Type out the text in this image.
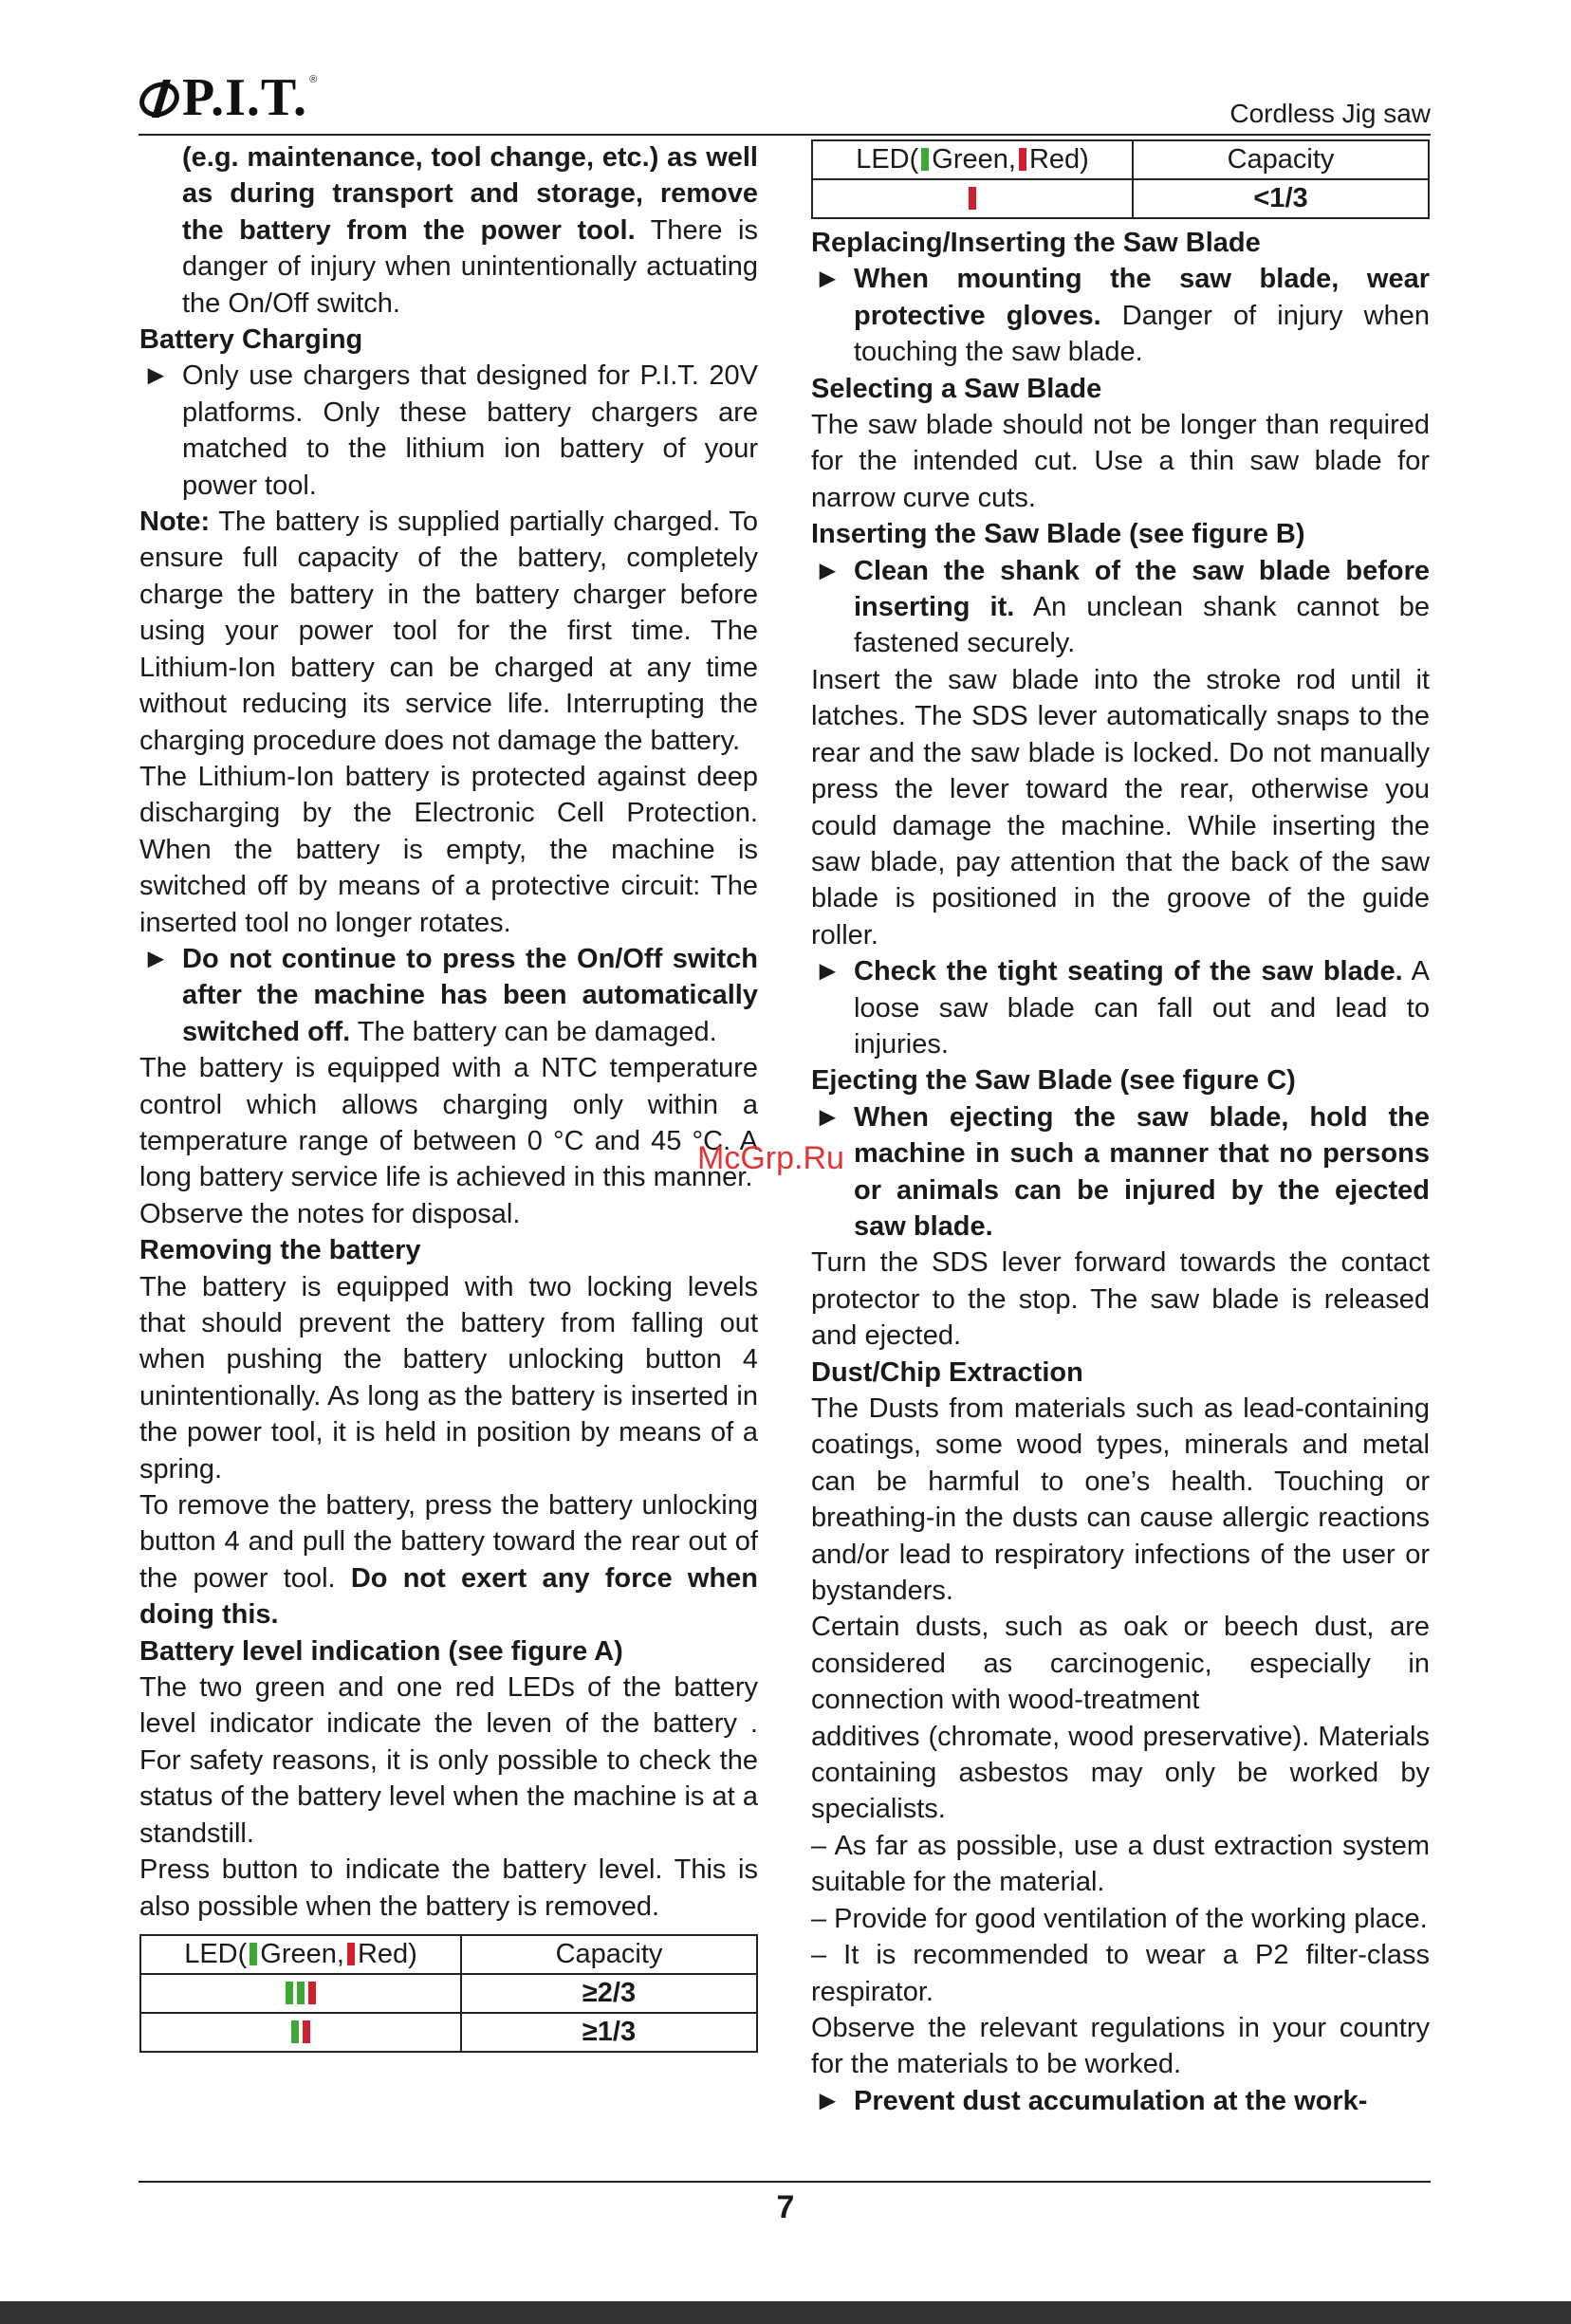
P.I.T. ®
Cordless Jig saw

(e.g. maintenance, tool change, etc.) as well as during transport and storage, remove the battery from the power tool. There is danger of injury when unintentionally actuating the On/Off switch.

Battery Charging

► Only use chargers that designed for P.I.T. 20V platforms. Only these battery chargers are matched to the lithium ion battery of your power tool.

Note: The battery is supplied partially charged. To ensure full capacity of the battery, completely charge the battery in the battery charger before using your power tool for the first time. The Lithium-Ion battery can be charged at any time without reducing its service life. Interrupting the charging procedure does not damage the battery.

The Lithium-Ion battery is protected against deep discharging by the Electronic Cell Protection. When the battery is empty, the machine is switched off by means of a protective circuit: The inserted tool no longer rotates.

► Do not continue to press the On/Off switch after the machine has been automatically switched off. The battery can be damaged.

The battery is equipped with a NTC temperature control which allows charging only within a temperature range of between 0 °C and 45 °C. A long battery service life is achieved in this manner.

Observe the notes for disposal.

Removing the battery

The battery is equipped with two locking levels that should prevent the battery from falling out when pushing the battery unlocking button 4 unintentionally. As long as the battery is inserted in the power tool, it is held in position by means of a spring.

To remove the battery, press the battery unlocking button 4 and pull the battery toward the rear out of the power tool. Do not exert any force when doing this.

Battery level indication (see figure A)

The two green and one red LEDs of the battery level indicator indicate the leven of the battery . For safety reasons, it is only possible to check the status of the battery level when the machine is at a standstill.

Press button to indicate the battery level. This is also possible when the battery is removed.

LED( Green, Red)	Capacity
	≥2/3
	≥1/3
LED( Green, Red)	Capacity
	<1/3

Replacing/Inserting the Saw Blade

► When mounting the saw blade, wear protective gloves. Danger of injury when touching the saw blade.

Selecting a Saw Blade

The saw blade should not be longer than required for the intended cut. Use a thin saw blade for narrow curve cuts.

Inserting the Saw Blade (see figure B)

► Clean the shank of the saw blade before inserting it. An unclean shank cannot be fastened securely.

Insert the saw blade into the stroke rod until it latches. The SDS lever automatically snaps to the rear and the saw blade is locked. Do not manually press the lever toward the rear, otherwise you could damage the machine. While inserting the saw blade, pay attention that the back of the saw blade is positioned in the groove of the guide roller.

► Check the tight seating of the saw blade. A loose saw blade can fall out and lead to injuries.

Ejecting the Saw Blade (see figure C)

► When ejecting the saw blade, hold the machine in such a manner that no persons or animals can be injured by the ejected saw blade.

Turn the SDS lever forward towards the contact protector to the stop. The saw blade is released and ejected.

Dust/Chip Extraction

The Dusts from materials such as lead-containing coatings, some wood types, minerals and metal can be harmful to one’s health. Touching or breathing-in the dusts can cause allergic reactions and/or lead to respiratory infections of the user or bystanders.

Certain dusts, such as oak or beech dust, are considered as carcinogenic, especially in connection with wood-treatment

additives (chromate, wood preservative). Materials containing asbestos may only be worked by specialists.

– As far as possible, use a dust extraction system suitable for the material.

– Provide for good ventilation of the working place.

– It is recommended to wear a P2 filter-class respirator.

Observe the relevant regulations in your country for the materials to be worked.

► Prevent dust accumulation at the work-

McGrp.Ru
7
